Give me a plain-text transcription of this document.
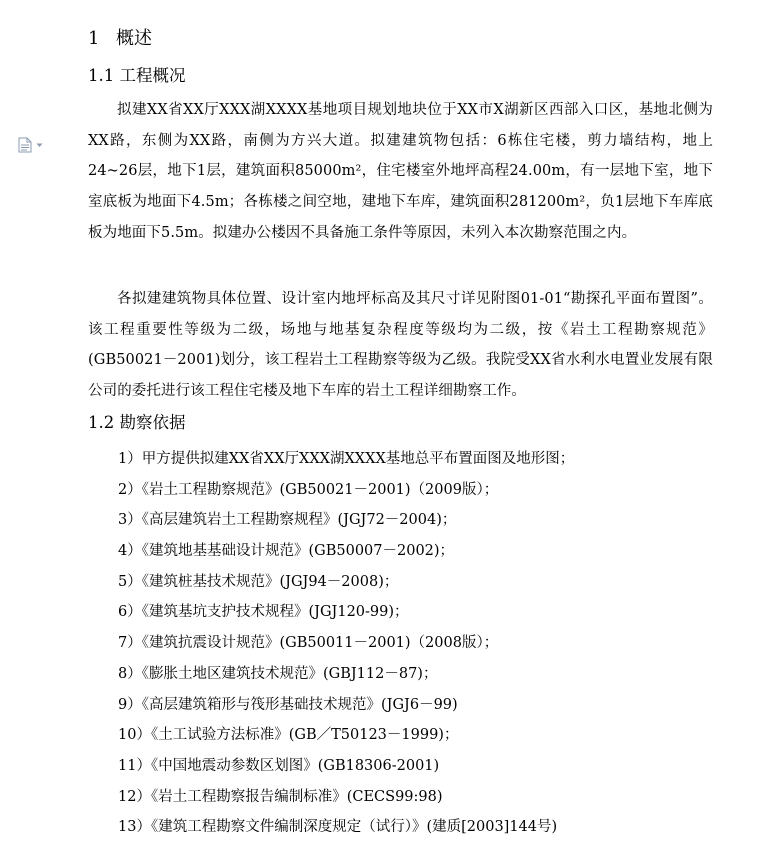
1 概述
1.1 工程概况

拟建XX省XX厅XXX湖XXXX基地项目规划地块位于XX市X湖新区西部入口区，基地北侧为XX路，东侧为XX路，南侧为方兴大道。拟建建筑物包括：6栋住宅楼，剪力墙结构，地上24~26层，地下1层，建筑面积85000m²，住宅楼室外地坪高程24.00m，有一层地下室，地下室底板为地面下4.5m；各栋楼之间空地，建地下车库，建筑面积281200m²，负1层地下车库底板为地面下5.5m。拟建办公楼因不具备施工条件等原因，未列入本次勘察范围之内。

各拟建建筑物具体位置、设计室内地坪标高及其尺寸详见附图01-01“勘探孔平面布置图”。该工程重要性等级为二级，场地与地基复杂程度等级均为二级，按《岩土工程勘察规范》(GB50021－2001)划分，该工程岩土工程勘察等级为乙级。我院受XX省水利水电置业发展有限公司的委托进行该工程住宅楼及地下车库的岩土工程详细勘察工作。

1.2 勘察依据
1）甲方提供拟建XX省XX厅XXX湖XXXX基地总平布置面图及地形图；
2）《岩土工程勘察规范》(GB50021－2001)（2009版）；
3）《高层建筑岩土工程勘察规程》(JGJ72－2004)；
4）《建筑地基基础设计规范》(GB50007－2002)；
5）《建筑桩基技术规范》(JGJ94－2008)；
6）《建筑基坑支护技术规程》(JGJ120-99)；
7）《建筑抗震设计规范》(GB50011－2001)（2008版）；
8）《膨胀土地区建筑技术规范》(GBJ112－87)；
9）《高层建筑箱形与筏形基础技术规范》(JGJ6－99)
10）《土工试验方法标准》(GB／T50123－1999)；
11）《中国地震动参数区划图》(GB18306-2001)
12）《岩土工程勘察报告编制标准》(CECS99:98)
13）《建筑工程勘察文件编制深度规定（试行）》(建质[2003]144号)
